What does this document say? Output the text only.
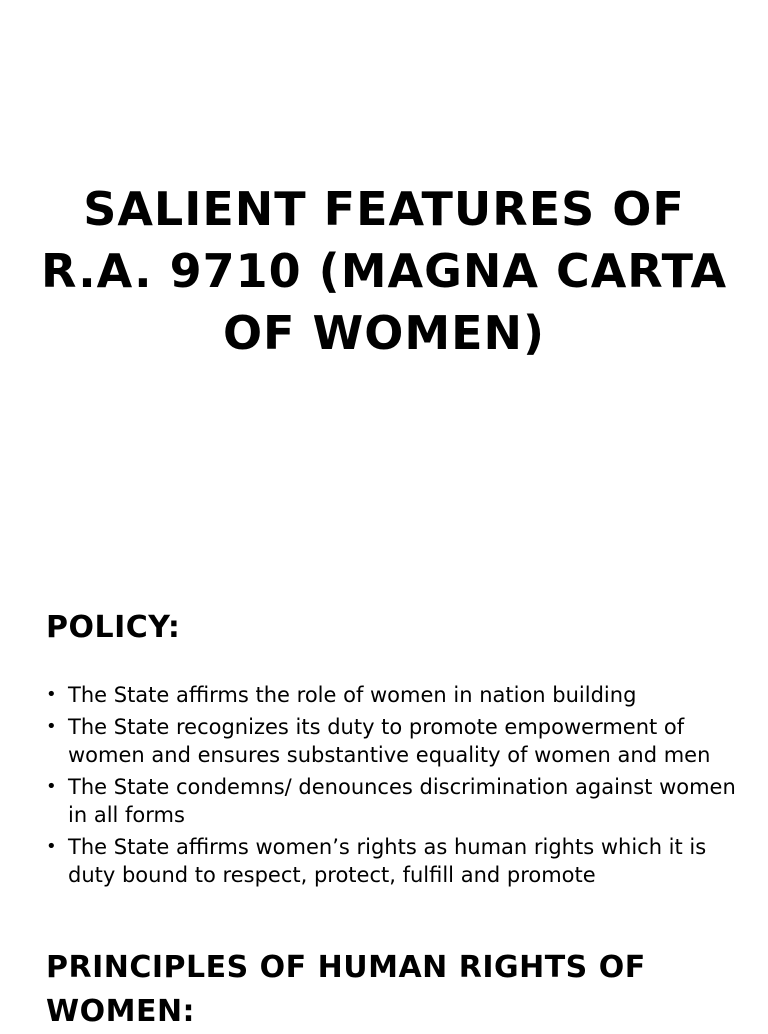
SALIENT FEATURES OF R.A. 9710 (MAGNA CARTA OF WOMEN)
POLICY:
• The State affirms the role of women in nation building
• The State recognizes its duty to promote empowerment of women and ensures substantive equality of women and men
• The State condemns/ denounces discrimination against women in all forms
• The State affirms women’s rights as human rights which it is duty bound to respect, protect, fulfill and promote
PRINCIPLES OF HUMAN RIGHTS OF WOMEN:
